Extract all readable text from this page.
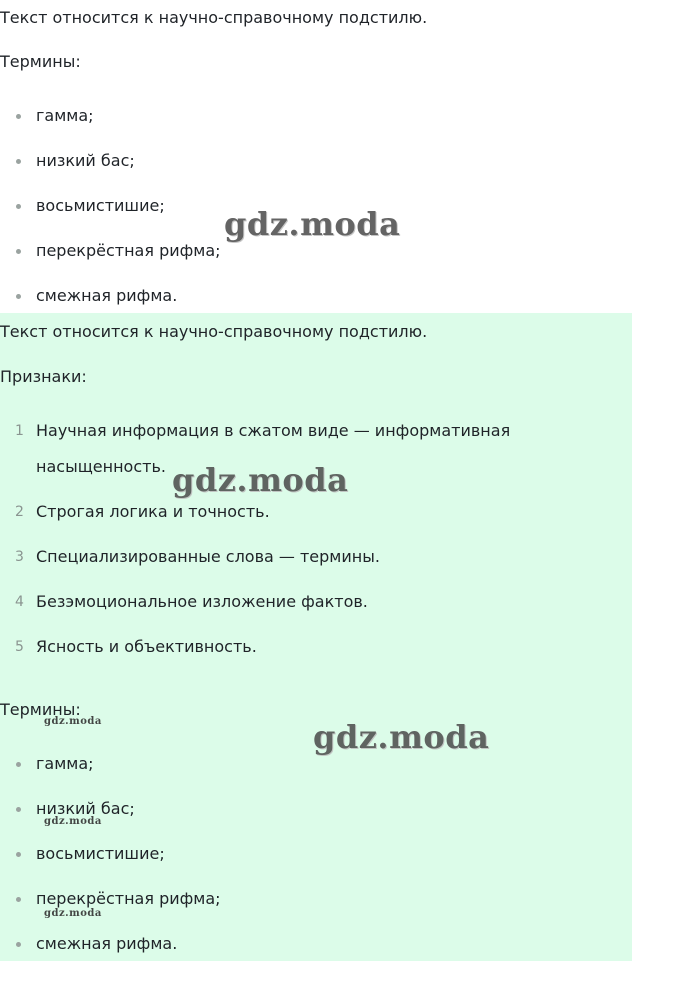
Текст относится к научно-справочному подстилю.

Термины:

гамма;
низкий бас;
восьмистишие;
перекрёстная рифма;
смежная рифма.

Текст относится к научно-справочному подстилю.

Признаки:

1 Научная информация в сжатом виде — информативная
насыщенность.
2 Строгая логика и точность.
3 Специализированные слова — термины.
4 Безэмоциональное изложение фактов.
5 Ясность и объективность.

Термины:

гамма;
низкий бас;
восьмистишие;
перекрёстная рифма;
смежная рифма.
gdz.moda
gdz.moda
gdz.moda
gdz.moda
gdz.moda
gdz.moda
